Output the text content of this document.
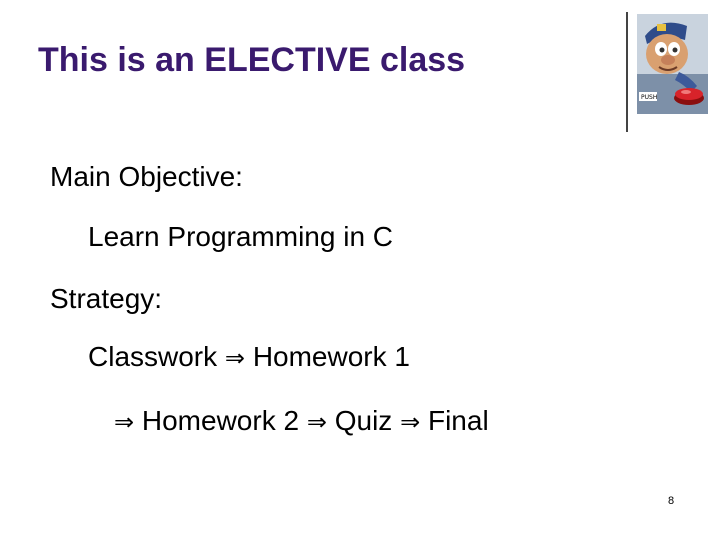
This is an ELECTIVE class
PUSH
Main Objective:
Learn Programming in C
Strategy:
Classwork ⇒ Homework 1
⇒ Homework 2 ⇒ Quiz ⇒ Final
8
